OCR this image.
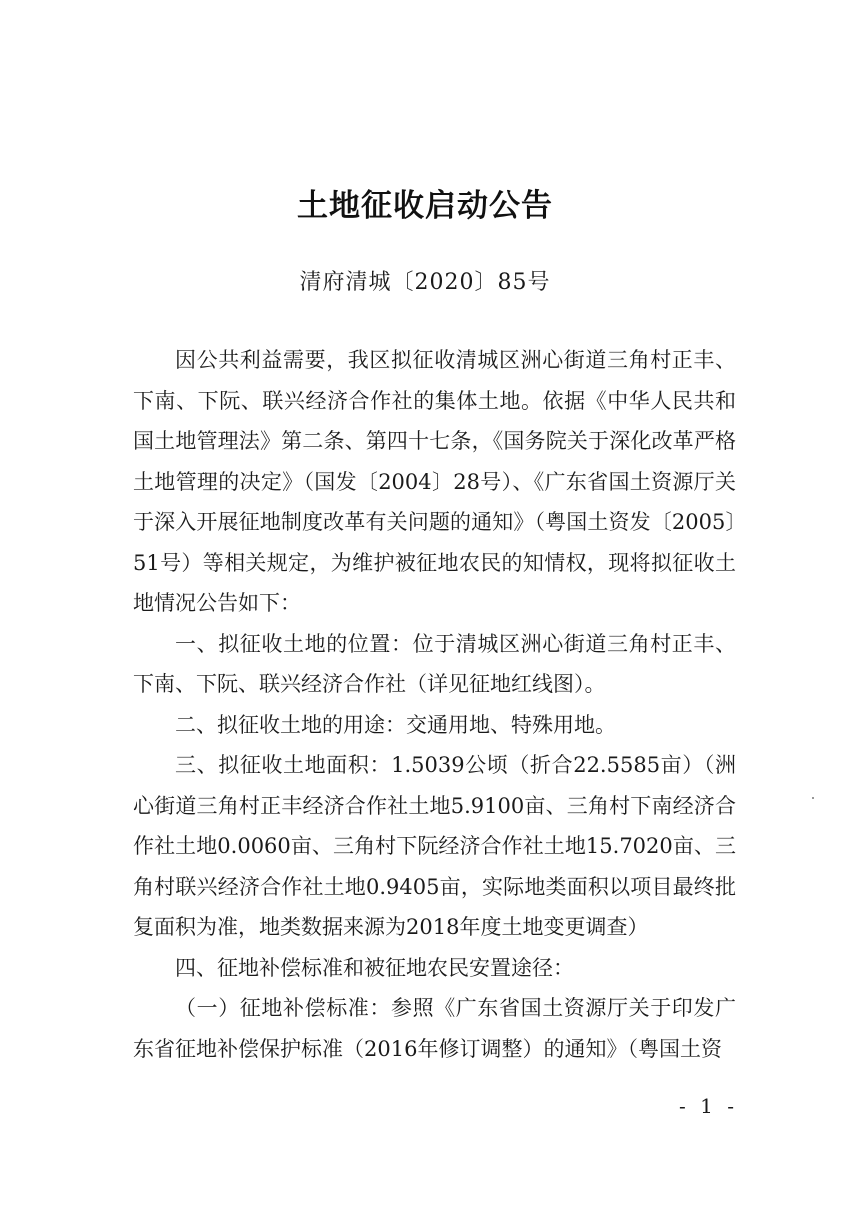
土地征收启动公告
清府清城〔2020〕85号

因公共利益需要，我区拟征收清城区洲心街道三角村正丰、下南、下阮、联兴经济合作社的集体土地。依据《中华人民共和国土地管理法》第二条、第四十七条，《国务院关于深化改革严格土地管理的决定》（国发〔2004〕28号）、《广东省国土资源厅关于深入开展征地制度改革有关问题的通知》（粤国土资发〔2005〕51号）等相关规定，为维护被征地农民的知情权，现将拟征收土地情况公告如下：

一、拟征收土地的位置：位于清城区洲心街道三角村正丰、下南、下阮、联兴经济合作社（详见征地红线图）。

二、拟征收土地的用途：交通用地、特殊用地。

三、拟征收土地面积：1.5039公顷（折合22.5585亩）（洲心街道三角村正丰经济合作社土地5.9100亩、三角村下南经济合作社土地0.0060亩、三角村下阮经济合作社土地15.7020亩、三角村联兴经济合作社土地0.9405亩，实际地类面积以项目最终批复面积为准，地类数据来源为2018年度土地变更调查）

四、征地补偿标准和被征地农民安置途径：

（一）征地补偿标准：参照《广东省国土资源厅关于印发广东省征地补偿保护标准（2016年修订调整）的通知》（粤国土资

- 1 -
